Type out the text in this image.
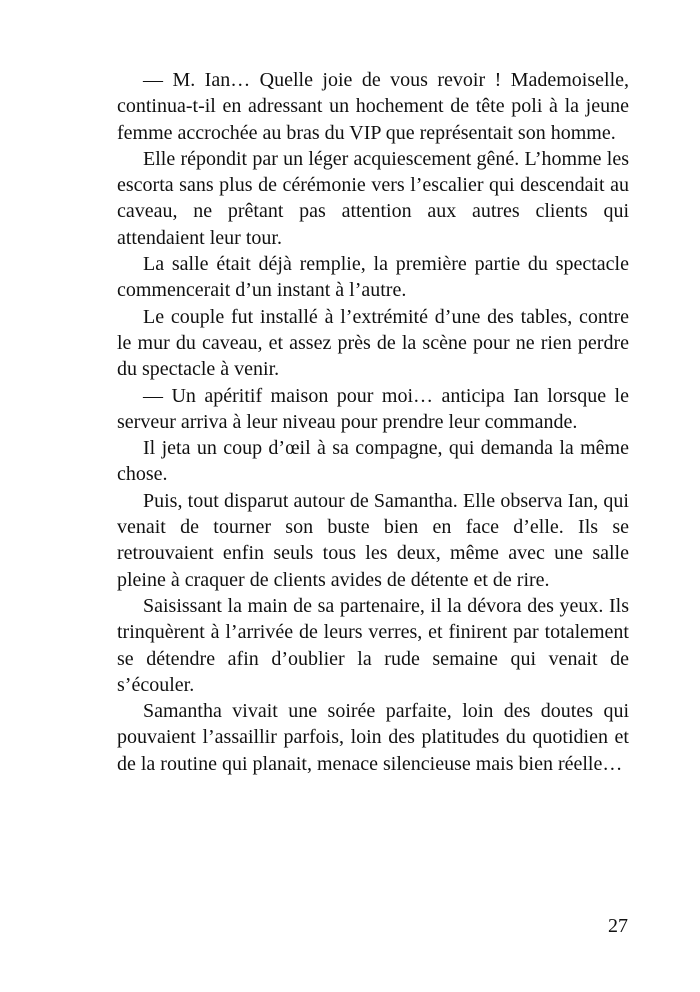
— M. Ian… Quelle joie de vous revoir ! Mademoiselle, continua-t-il en adressant un hochement de tête poli à la jeune femme accrochée au bras du VIP que représentait son homme.

Elle répondit par un léger acquiescement gêné. L’homme les escorta sans plus de cérémonie vers l’escalier qui descendait au caveau, ne prêtant pas attention aux autres clients qui attendaient leur tour.

La salle était déjà remplie, la première partie du spectacle commencerait d’un instant à l’autre.

Le couple fut installé à l’extrémité d’une des tables, contre le mur du caveau, et assez près de la scène pour ne rien perdre du spectacle à venir.

— Un apéritif maison pour moi… anticipa Ian lorsque le serveur arriva à leur niveau pour prendre leur commande.

Il jeta un coup d’œil à sa compagne, qui demanda la même chose.

Puis, tout disparut autour de Samantha. Elle observa Ian, qui venait de tourner son buste bien en face d’elle. Ils se retrouvaient enfin seuls tous les deux, même avec une salle pleine à craquer de clients avides de détente et de rire.

Saisissant la main de sa partenaire, il la dévora des yeux. Ils trinquèrent à l’arrivée de leurs verres, et finirent par totalement se détendre afin d’oublier la rude semaine qui venait de s’écouler.

Samantha vivait une soirée parfaite, loin des doutes qui pouvaient l’assaillir parfois, loin des platitudes du quotidien et de la routine qui planait, menace silencieuse mais bien réelle…

27
